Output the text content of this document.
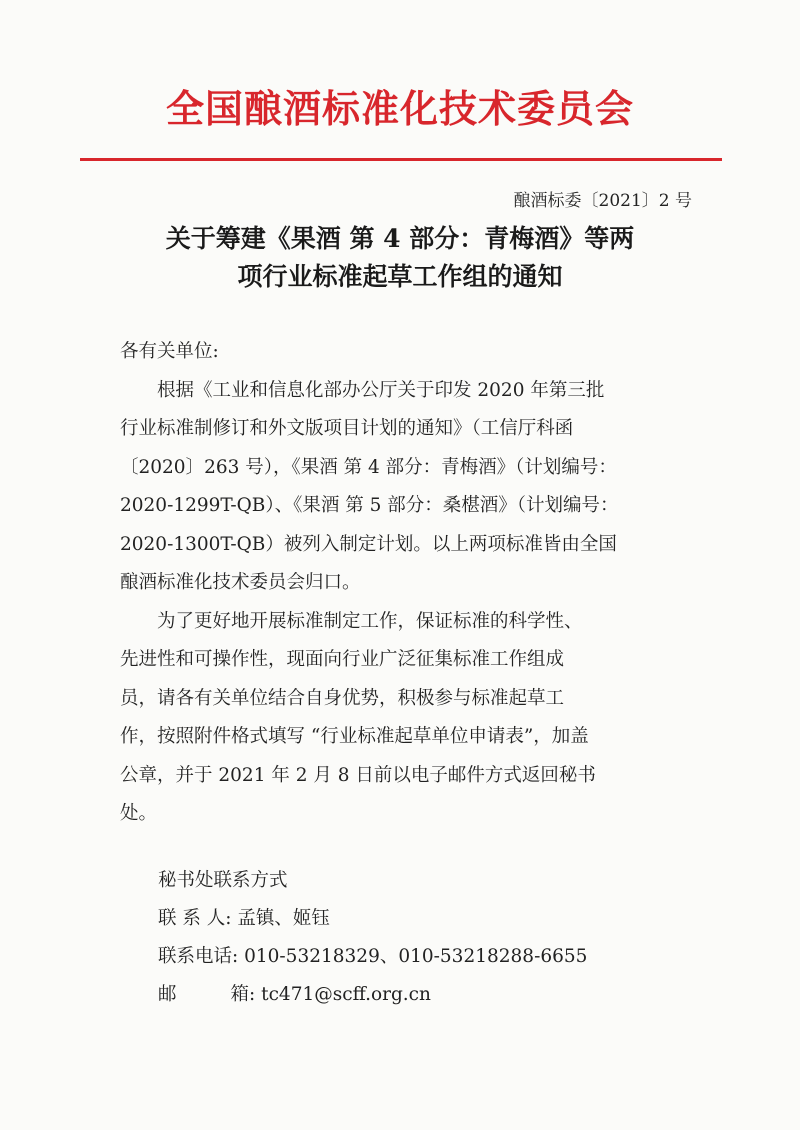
全国酿酒标准化技术委员会
酿酒标委〔2021〕2 号
关于筹建《果酒 第 4 部分：青梅酒》等两
项行业标准起草工作组的通知
各有关单位:
根据《工业和信息化部办公厅关于印发 2020 年第三批
行业标准制修订和外文版项目计划的通知》（工信厅科函
〔2020〕263 号），《果酒 第 4 部分：青梅酒》（计划编号：
2020-1299T-QB）、《果酒 第 5 部分：桑椹酒》（计划编号：
2020-1300T-QB）被列入制定计划。以上两项标准皆由全国
酿酒标准化技术委员会归口。
为了更好地开展标准制定工作，保证标准的科学性、
先进性和可操作性，现面向行业广泛征集标准工作组成
员，请各有关单位结合自身优势，积极参与标准起草工
作，按照附件格式填写 “行业标准起草单位申请表”，加盖
公章，并于 2021 年 2 月 8 日前以电子邮件方式返回秘书
处。
秘书处联系方式
联 系 人: 孟镇、姬钰
联系电话: 010-53218329、010-53218288-6655
邮	箱: tc471@scff.org.cn
